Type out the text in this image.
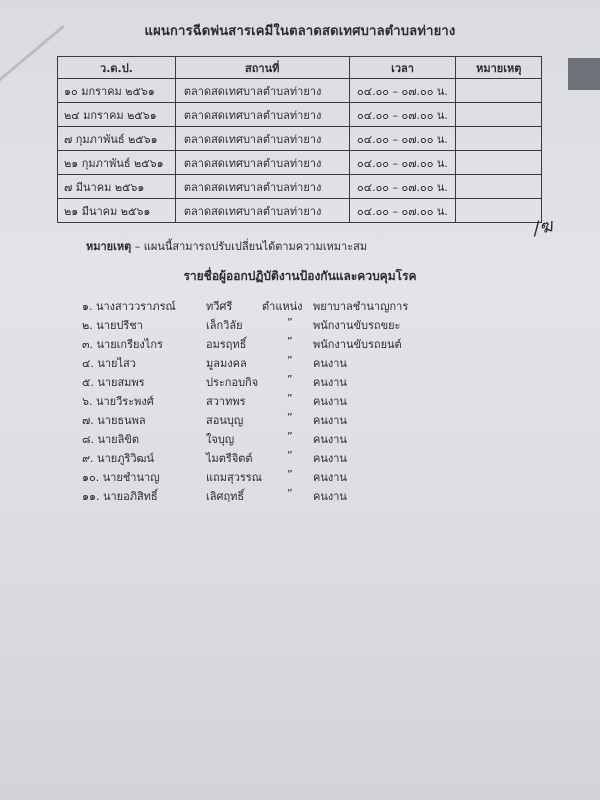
แผนการฉีดพ่นสารเคมีในตลาดสดเทศบาลตำบลท่ายาง
ว.ด.ป.	สถานที่	เวลา	หมายเหตุ
๑๐ มกราคม ๒๕๖๑	ตลาดสดเทศบาลตำบลท่ายาง	๐๔.๐๐ – ๐๗.๐๐ น.	
๒๔ มกราคม ๒๕๖๑	ตลาดสดเทศบาลตำบลท่ายาง	๐๔.๐๐ – ๐๗.๐๐ น.	
๗ กุมภาพันธ์ ๒๕๖๑	ตลาดสดเทศบาลตำบลท่ายาง	๐๔.๐๐ – ๐๗.๐๐ น.	
๒๑ กุมภาพันธ์ ๒๕๖๑	ตลาดสดเทศบาลตำบลท่ายาง	๐๔.๐๐ – ๐๗.๐๐ น.	
๗ มีนาคม ๒๕๖๑	ตลาดสดเทศบาลตำบลท่ายาง	๐๔.๐๐ – ๐๗.๐๐ น.	
๒๑ มีนาคม ๒๕๖๑	ตลาดสดเทศบาลตำบลท่ายาง	๐๔.๐๐ – ๐๗.๐๐ น.	
/ฆ
หมายเหตุ – แผนนี้สามารถปรับเปลี่ยนได้ตามความเหมาะสม
รายชื่อผู้ออกปฏิบัติงานป้องกันและควบคุมโรค
๑. นางสาววราภรณ์	ทวีศรี	ตำแหน่ง พยาบาลชำนาญการ
๒. นายปรีชา	เล็กวิลัย	” พนักงานขับรถขยะ
๓. นายเกรียงไกร	อมรฤทธิ์	” พนักงานขับรถยนต์
๔. นายไสว	มูลมงคล	” คนงาน
๕. นายสมพร	ประกอบกิจ	” คนงาน
๖. นายวีระพงศ์	สวาทพร	” คนงาน
๗. นายธนพล	สอนบุญ	” คนงาน
๘. นายลิขิต	ใจบุญ	” คนงาน
๙. นายภูริวิฒน์	ไมตรีจิตต์	” คนงาน
๑๐. นายชำนาญ	แถมสุวรรณ ” คนงาน
๑๑. นายอภิสิทธิ์	เลิศฤทธิ์	” คนงาน
